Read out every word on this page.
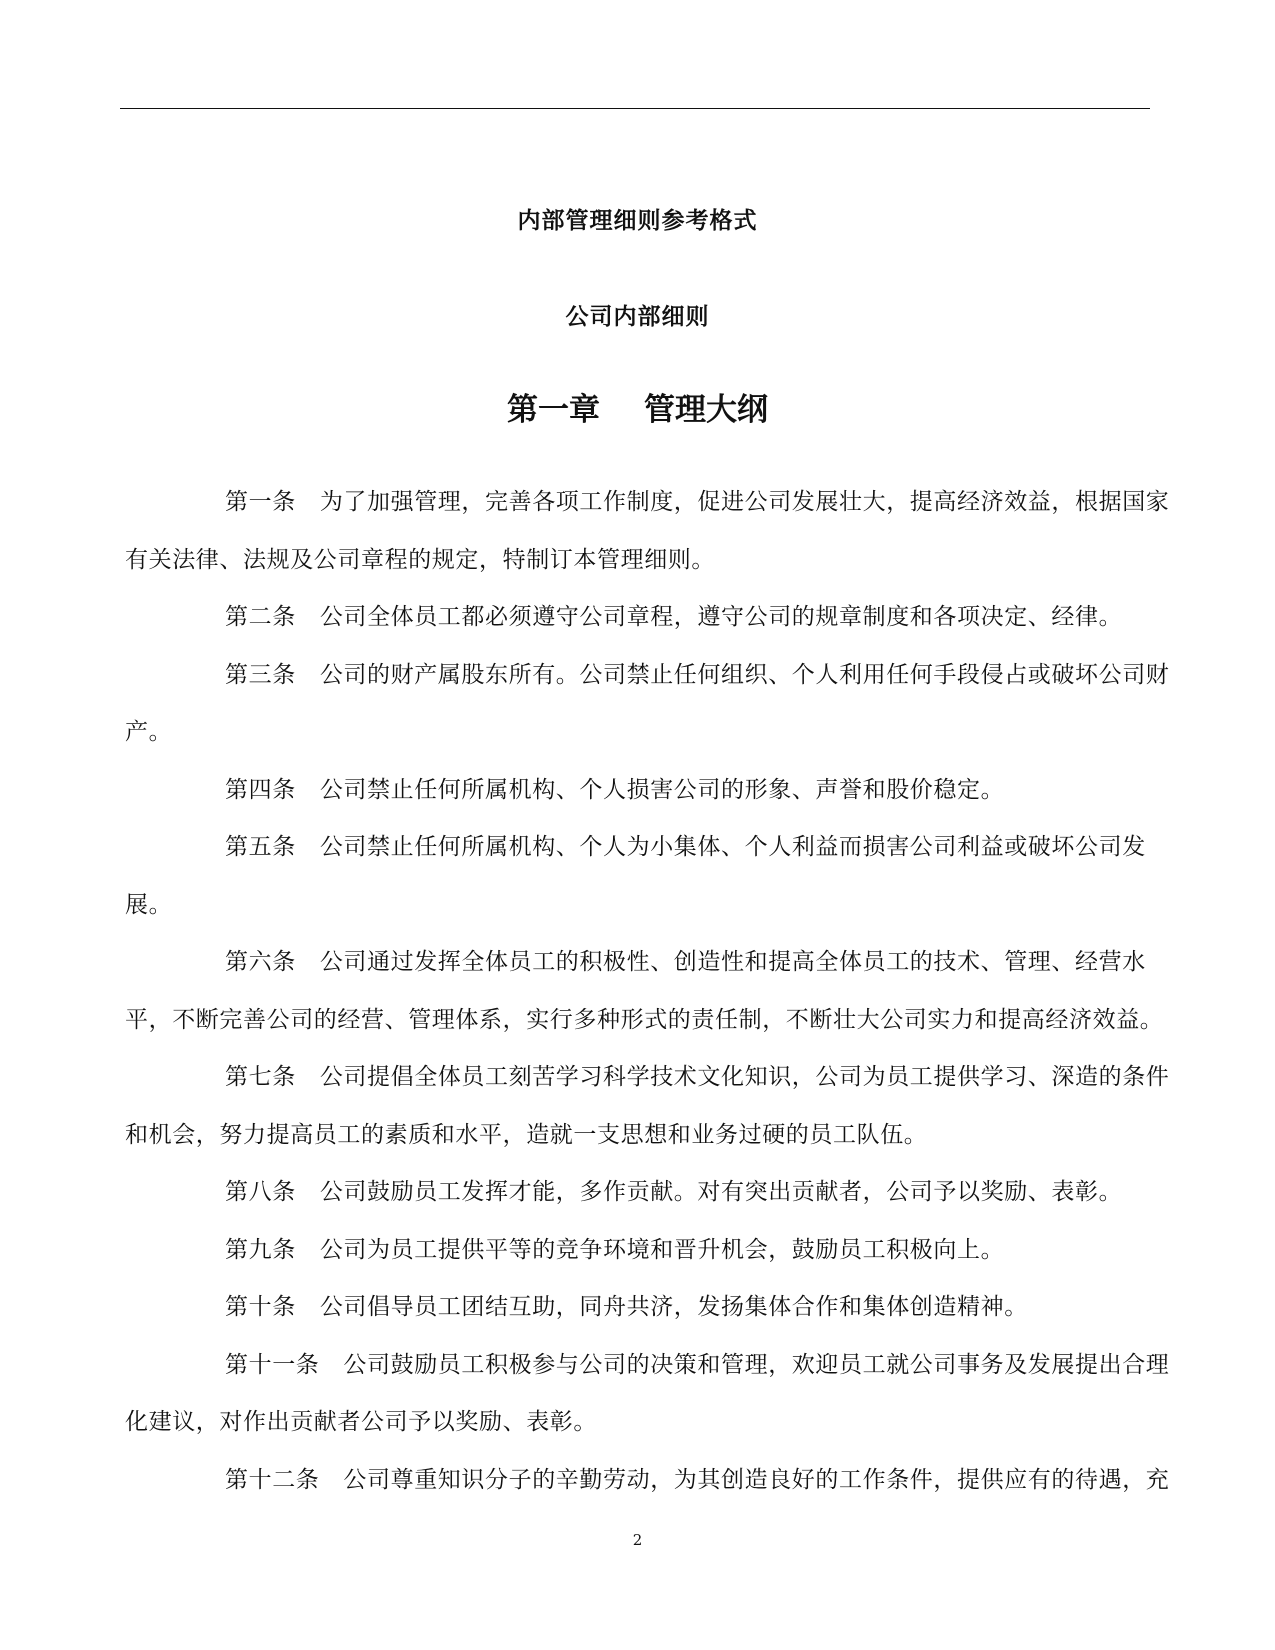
内部管理细则参考格式
公司内部细则
第一章 管理大纲

第一条 为了加强管理，完善各项工作制度，促进公司发展壮大，提高经济效益，根据国家有关法律、法规及公司章程的规定，特制订本管理细则。

第二条 公司全体员工都必须遵守公司章程，遵守公司的规章制度和各项决定、经律。

第三条 公司的财产属股东所有。公司禁止任何组织、个人利用任何手段侵占或破坏公司财产。

第四条 公司禁止任何所属机构、个人损害公司的形象、声誉和股价稳定。

第五条 公司禁止任何所属机构、个人为小集体、个人利益而损害公司利益或破坏公司发展。

第六条 公司通过发挥全体员工的积极性、创造性和提高全体员工的技术、管理、经营水平，不断完善公司的经营、管理体系，实行多种形式的责任制，不断壮大公司实力和提高经济效益。

第七条 公司提倡全体员工刻苦学习科学技术文化知识，公司为员工提供学习、深造的条件和机会，努力提高员工的素质和水平，造就一支思想和业务过硬的员工队伍。

第八条 公司鼓励员工发挥才能，多作贡献。对有突出贡献者，公司予以奖励、表彰。

第九条 公司为员工提供平等的竞争环境和晋升机会，鼓励员工积极向上。

第十条 公司倡导员工团结互助，同舟共济，发扬集体合作和集体创造精神。

第十一条 公司鼓励员工积极参与公司的决策和管理，欢迎员工就公司事务及发展提出合理化建议，对作出贡献者公司予以奖励、表彰。

第十二条 公司尊重知识分子的辛勤劳动，为其创造良好的工作条件，提供应有的待遇，充

2
